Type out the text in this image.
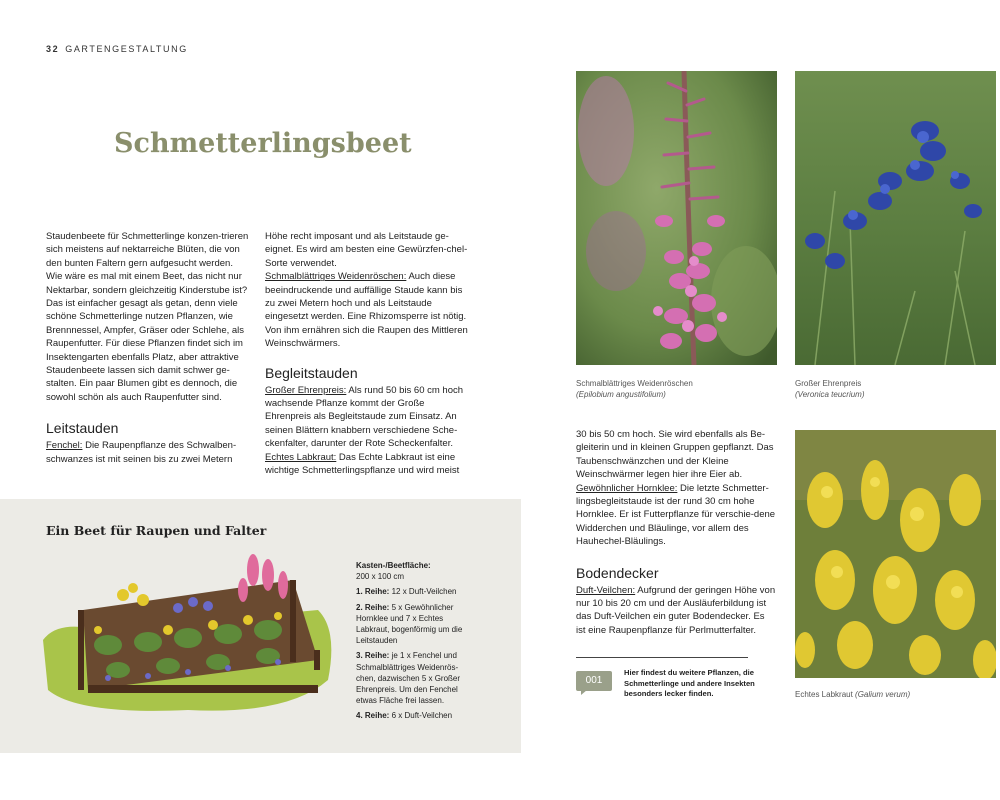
32 GARTENGESTALTUNG
Schmetterlingsbeet

Staudenbeete für Schmetterlinge konzen-trieren sich meistens auf nektarreiche Blüten, die von den bunten Faltern gern aufgesucht werden. Wie wäre es mal mit einem Beet, das nicht nur Nektarbar, sondern gleichzeitig Kinderstube ist?

Das ist einfacher gesagt als getan, denn viele schöne Schmetterlinge nutzen Pflanzen, wie Brennnessel, Ampfer, Gräser oder Schlehe, als Raupenfutter. Für diese Pflanzen findet sich im Insektengarten ebenfalls Platz, aber attraktive Staudenbeete lassen sich damit schwer ge-stalten. Ein paar Blumen gibt es dennoch, die sowohl schön als auch Raupenfutter sind.

Leitstauden

Fenchel: Die Raupenpflanze des Schwalben-schwanzes ist mit seinen bis zu zwei Metern

Höhe recht imposant und als Leitstaude ge-eignet. Es wird am besten eine Gewürzfen-chel-Sorte verwendet.

Schmalblättriges Weidenröschen: Auch diese beeindruckende und auffällige Staude kann bis zu zwei Metern hoch und als Leitstaude eingesetzt werden. Eine Rhizomsperre ist nötig. Von ihm ernähren sich die Raupen des Mittleren Weinschwärmers.

Begleitstauden

Großer Ehrenpreis: Als rund 50 bis 60 cm hoch wachsende Pflanze kommt der Große Ehrenpreis als Begleitstaude zum Einsatz. An seinen Blättern knabbern verschiedene Sche-ckenfalter, darunter der Rote Scheckenfalter.

Echtes Labkraut: Das Echte Labkraut ist eine wichtige Schmetterlingspflanze und wird meist

30 bis 50 cm hoch. Sie wird ebenfalls als Be-gleiterin und in kleinen Gruppen gepflanzt. Das Taubenschwänzchen und der Kleine Weinschwärmer legen hier ihre Eier ab.

Gewöhnlicher Hornklee: Die letzte Schmetter-lingsbegleitstaude ist der rund 30 cm hohe Hornklee. Er ist Futterpflanze für verschie-dene Widderchen und Bläulinge, vor allem des Hauhechel-Bläulings.

Bodendecker

Duft-Veilchen: Aufgrund der geringen Höhe von nur 10 bis 20 cm und der Ausläuferbildung ist das Duft-Veilchen ein guter Bodendecker. Es ist eine Raupenpflanze für Perlmutterfalter.

Schmalblättriges Weidenröschen
(Epilobium angustifolium)
Großer Ehrenpreis
(Veronica teucrium)
Echtes Labkraut (Galium verum)
001
Hier findest du weitere Pflanzen, die Schmetterlinge und andere Insekten besonders lecker finden.
Ein Beet für Raupen und Falter

Kasten-/Beetfläche:

200 x 100 cm

1. Reihe: 12 x Duft-Veilchen

2. Reihe: 5 x Gewöhnlicher Hornklee und 7 x Echtes Labkraut, bogenförmig um die Leitstauden

3. Reihe: je 1 x Fenchel und Schmalblättriges Weidenrös-chen, dazwischen 5 x Großer Ehrenpreis. Um den Fenchel etwas Fläche frei lassen.

4. Reihe: 6 x Duft-Veilchen
